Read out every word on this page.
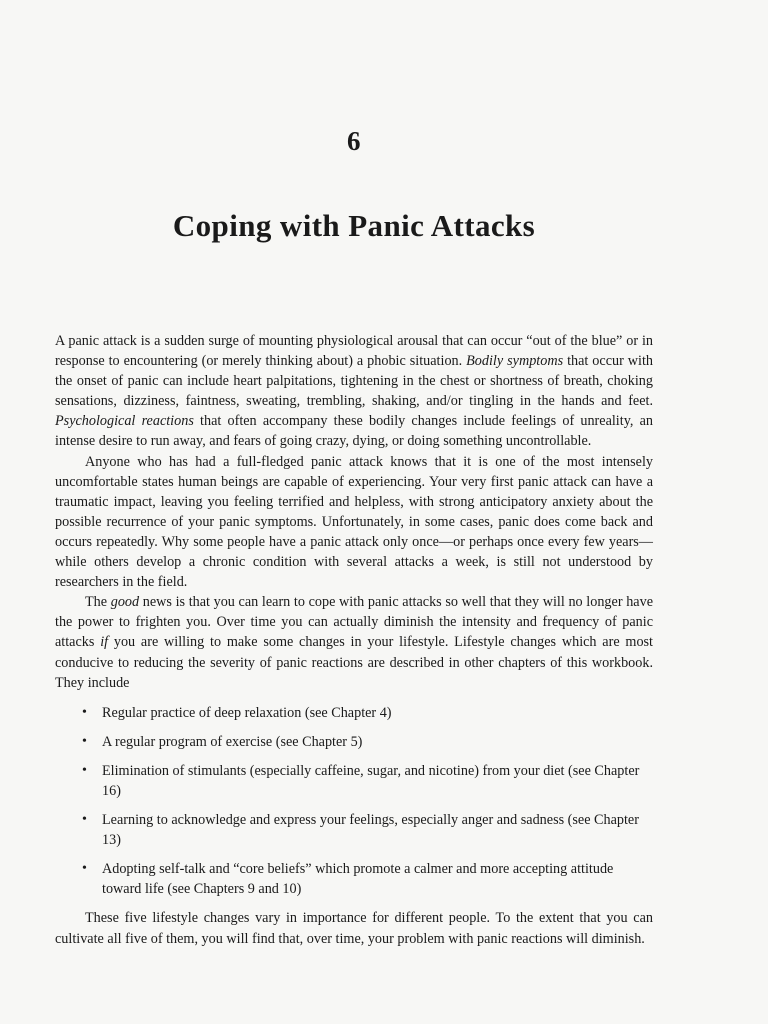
6
Coping with Panic Attacks

A panic attack is a sudden surge of mounting physiological arousal that can occur “out of the blue” or in response to encountering (or merely thinking about) a phobic situation. Bodily symptoms that occur with the onset of panic can include heart palpitations, tightening in the chest or shortness of breath, choking sensations, dizziness, faintness, sweating, trembling, shaking, and/or tingling in the hands and feet. Psychological reactions that often accompany these bodily changes include feelings of unreality, an intense desire to run away, and fears of going crazy, dying, or doing something uncontrollable.

Anyone who has had a full-fledged panic attack knows that it is one of the most intensely uncomfortable states human beings are capable of experiencing. Your very first panic attack can have a traumatic impact, leaving you feeling terrified and helpless, with strong anticipatory anxiety about the possible recurrence of your panic symptoms. Unfortunately, in some cases, panic does come back and occurs repeatedly. Why some people have a panic attack only once—or perhaps once every few years—while others develop a chronic condition with several attacks a week, is still not understood by researchers in the field.

The good news is that you can learn to cope with panic attacks so well that they will no longer have the power to frighten you. Over time you can actually diminish the intensity and frequency of panic attacks if you are willing to make some changes in your lifestyle. Lifestyle changes which are most conducive to reducing the severity of panic reactions are described in other chapters of this workbook. They include

• Regular practice of deep relaxation (see Chapter 4)
• A regular program of exercise (see Chapter 5)
• Elimination of stimulants (especially caffeine, sugar, and nicotine) from your diet (see Chapter 16)
• Learning to acknowledge and express your feelings, especially anger and sadness (see Chapter 13)
• Adopting self-talk and “core beliefs” which promote a calmer and more accepting attitude toward life (see Chapters 9 and 10)

These five lifestyle changes vary in importance for different people. To the extent that you can cultivate all five of them, you will find that, over time, your problem with panic reactions will diminish.
